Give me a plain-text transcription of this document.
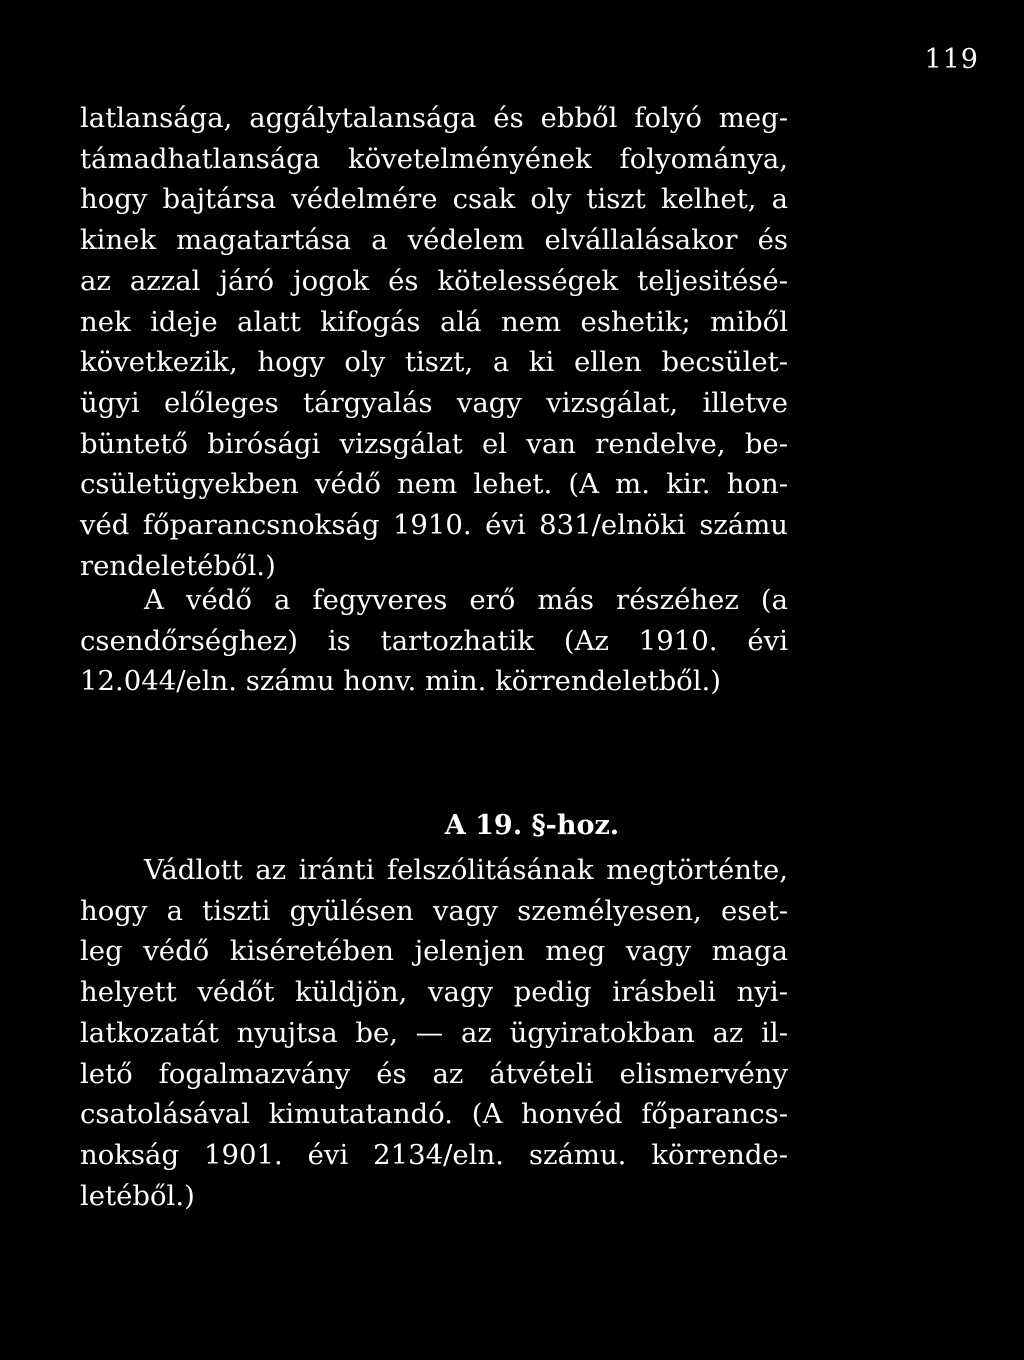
119
latlansága, aggálytalansága és ebből folyó meg-
támadhatlansága követelményének folyománya,
hogy bajtársa védelmére csak oly tiszt kelhet, a
kinek magatartása a védelem elvállalásakor és
az azzal járó jogok és kötelességek teljesitésé-
nek ideje alatt kifogás alá nem eshetik; miből
következik, hogy oly tiszt, a ki ellen becsület-
ügyi előleges tárgyalás vagy vizsgálat, illetve
büntető birósági vizsgálat el van rendelve, be-
csületügyekben védő nem lehet. (A m. kir. hon-
véd főparancsnokság 1910. évi 831/elnöki számu
rendeletéből.)
A védő a fegyveres erő más részéhez (a
csendőrséghez) is tartozhatik (Az 1910. évi
12.044/eln. számu honv. min. körrendeletből.)
A 19. §-hoz.
Vádlott az iránti felszólitásának megtörténte,
hogy a tiszti gyülésen vagy személyesen, eset-
leg védő kiséretében jelenjen meg vagy maga
helyett védőt küldjön, vagy pedig irásbeli nyi-
latkozatát nyujtsa be, — az ügyiratokban az il-
lető fogalmazvány és az átvételi elismervény
csatolásával kimutatandó. (A honvéd főparancs-
nokság 1901. évi 2134/eln. számu. körrende-
letéből.)
